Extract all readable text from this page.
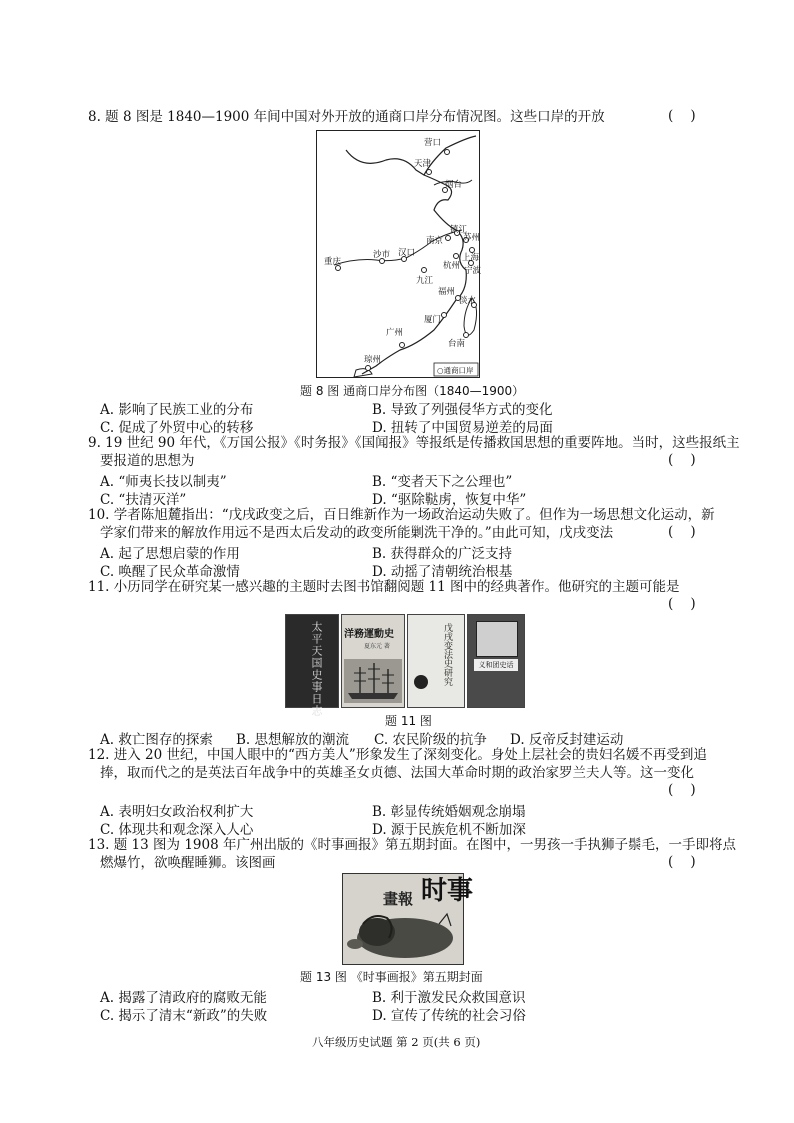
8. 题 8 图是 1840—1900 年间中国对外开放的通商口岸分布情况图。这些口岸的开放	(    )
营口
天津
烟台
镇江
苏州
南京
上海
重庆
沙市 汉口
杭州 宁波
九江
福州
淡水
广州
厦门
台南
琼州
○通商口岸
题 8 图 通商口岸分布图（1840—1900）
A. 影响了民族工业的分布	B. 导致了列强侵华方式的变化
C. 促成了外贸中心的转移	D. 扭转了中国贸易逆差的局面
9. 19 世纪 90 年代，《万国公报》《时务报》《国闻报》等报纸是传播救国思想的重要阵地。当时，这些报纸主
要报道的思想为	(    )
A. “师夷长技以制夷”	B. “变者天下之公理也”
C. “扶清灭洋”	D. “驱除鞑虏，恢复中华”
10. 学者陈旭麓指出：“戊戌政变之后，百日维新作为一场政治运动失败了。但作为一场思想文化运动，新
学家们带来的解放作用远不是西太后发动的政变所能剿洗干净的。”由此可知，戊戌变法	(    )
A. 起了思想启蒙的作用	B. 获得群众的广泛支持
C. 唤醒了民众革命激情	D. 动摇了清朝统治根基
11. 小历同学在研究某一感兴趣的主题时去图书馆翻阅题 11 图中的经典著作。他研究的主题可能是
(    )
太平天国史事日志 洋務運動史
夏东元 著	戊戌变法史研究	义和团史话
题 11 图
A. 救亡图存的探索 B. 思想解放的潮流 C. 农民阶级的抗争 D. 反帝反封建运动
12. 进入 20 世纪，中国人眼中的“西方美人”形象发生了深刻变化。身处上层社会的贵妇名媛不再受到追
捧，取而代之的是英法百年战争中的英雄圣女贞德、法国大革命时期的政治家罗兰夫人等。这一变化
(    )
A. 表明妇女政治权利扩大	B. 彰显传统婚姻观念崩塌
C. 体现共和观念深入人心	D. 源于民族危机不断加深
13. 题 13 图为 1908 年广州出版的《时事画报》第五期封面。在图中，一男孩一手执狮子鬃毛，一手即将点
燃爆竹，欲唤醒睡狮。该图画	(    )
时事
畫報
题 13 图 《时事画报》第五期封面
A. 揭露了清政府的腐败无能	B. 利于激发民众救国意识
C. 揭示了清末“新政”的失败	D. 宣传了传统的社会习俗
八年级历史试题 第 2 页(共 6 页)
